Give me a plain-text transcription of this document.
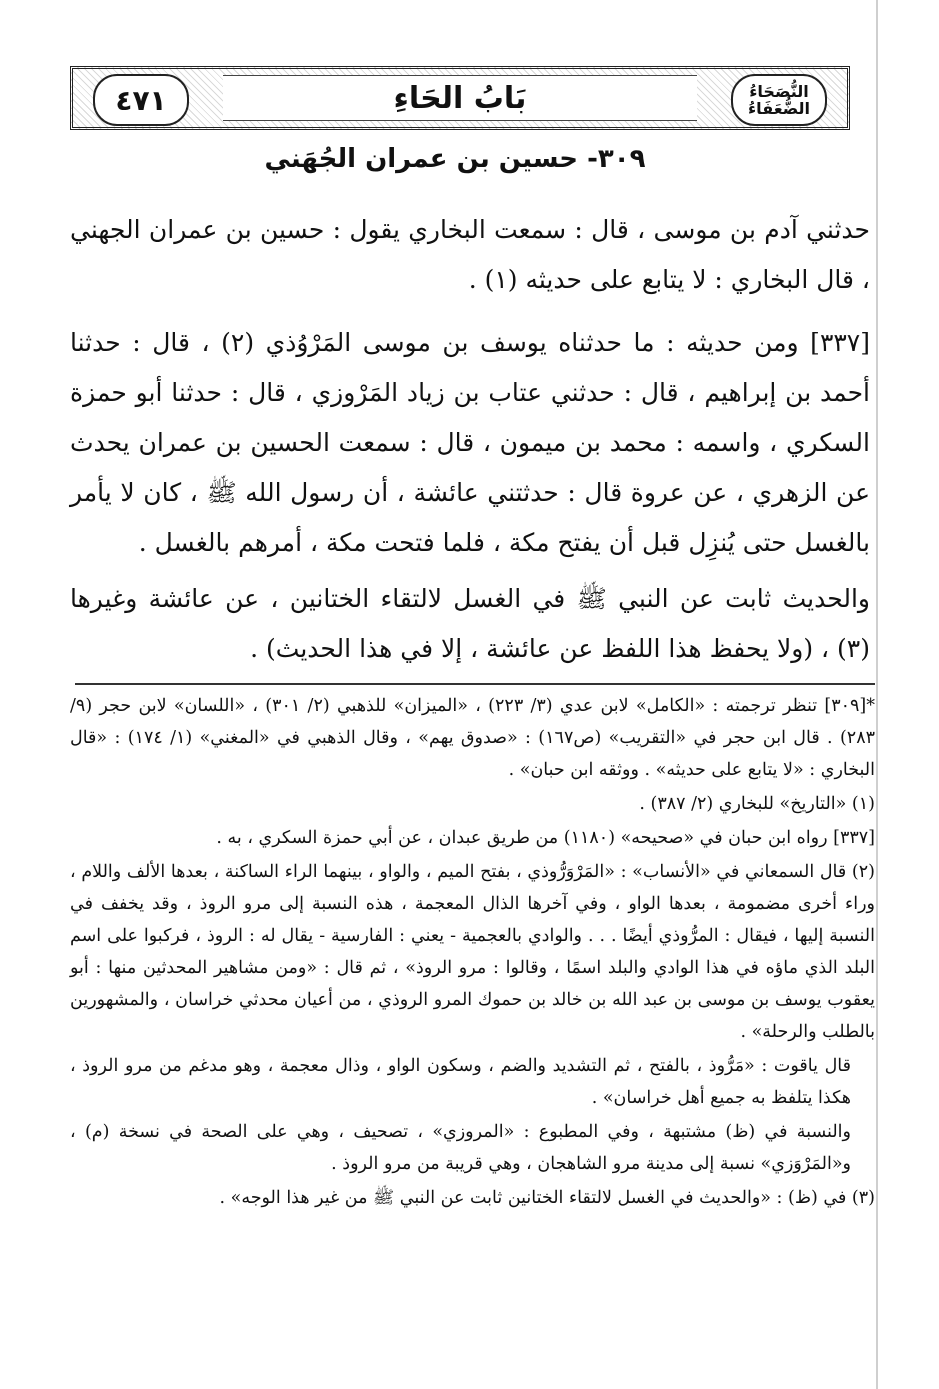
٤٧١	بَابُ الحَاءِ	النُّصَحَاءُ
الضُّعَفَاءُ
٣٠٩- حسين بن عمران الجُهَني
حدثني آدم بن موسى ، قال : سمعت البخاري يقول : حسين بن عمران الجهني ، قال البخاري : لا يتابع على حديثه (١) .
[٣٣٧] ومن حديثه : ما حدثناه يوسف بن موسى المَرْوُذي (٢) ، قال : حدثنا أحمد بن إبراهيم ، قال : حدثني عتاب بن زياد المَرْوزي ، قال : حدثنا أبو حمزة السكري ، واسمه : محمد بن ميمون ، قال : سمعت الحسين بن عمران يحدث عن الزهري ، عن عروة قال : حدثتني عائشة ، أن رسول الله ﷺ ، كان لا يأمر بالغسل حتى يُنزِل قبل أن يفتح مكة ، فلما فتحت مكة ، أمرهم بالغسل .
والحديث ثابت عن النبي ﷺ في الغسل لالتقاء الختانين ، عن عائشة وغيرها (٣) ، (ولا يحفظ هذا اللفظ عن عائشة ، إلا في هذا الحديث) .

*[٣٠٩] تنظر ترجمته : «الكامل» لابن عدي (٣/ ٢٢٣) ، «الميزان» للذهبي (٢/ ٣٠١) ، «اللسان» لابن حجر (٩/ ٢٨٣) . قال ابن حجر في «التقريب» (ص١٦٧) : «صدوق يهم» ، وقال الذهبي في «المغني» (١/ ١٧٤) : «قال البخاري : «لا يتابع على حديثه» . ووثقه ابن حبان» .

(١) «التاريخ» للبخاري (٢/ ٣٨٧) .

[٣٣٧] رواه ابن حبان في «صحيحه» (١١٨٠) من طريق عبدان ، عن أبي حمزة السكري ، به .

(٢) قال السمعاني في «الأنساب» : «المَرْوَرُّوذي ، بفتح الميم ، والواو ، بينهما الراء الساكنة ، بعدها الألف واللام ، وراء أخرى مضمومة ، بعدها الواو ، وفي آخرها الذال المعجمة ، هذه النسبة إلى مرو الروذ ، وقد يخفف في النسبة إليها ، فيقال : المرُّوذي أيضًا . . . والوادي بالعجمية - يعني : الفارسية - يقال له : الروذ ، فركبوا على اسم البلد الذي ماؤه في هذا الوادي والبلد اسمًا ، وقالوا : مرو الروذ» ، ثم قال : «ومن مشاهير المحدثين منها : أبو يعقوب يوسف بن موسى بن عبد الله بن خالد بن حموك المرو الروذي ، من أعيان محدثي خراسان ، والمشهورين بالطلب والرحلة» .

قال ياقوت : «مَرُّوذ ، بالفتح ، ثم التشديد والضم ، وسكون الواو ، وذال معجمة ، وهو مدغم من مرو الروذ ، هكذا يتلفظ به جميع أهل خراسان» .

والنسبة في (ظ) مشتبهة ، وفي المطبوع : «المروزي» ، تصحيف ، وهي على الصحة في نسخة (م) ، و«المَرْوَزي» نسبة إلى مدينة مرو الشاهجان ، وهي قريبة من مرو الروذ .

(٣) في (ظ) : «والحديث في الغسل لالتقاء الختانين ثابت عن النبي ﷺ من غير هذا الوجه» .
